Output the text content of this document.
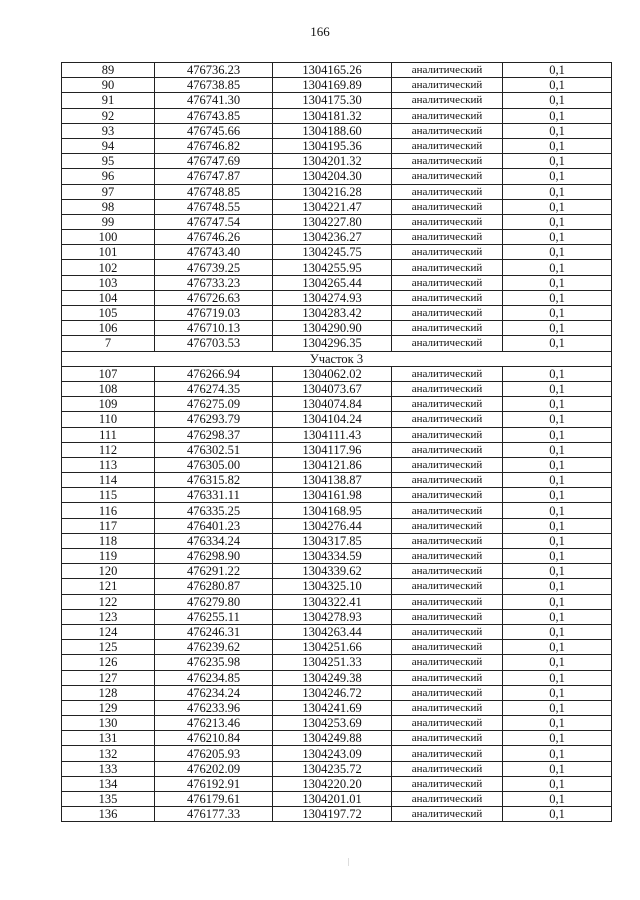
166
89	476736.23	1304165.26	аналитический	0,1
90	476738.85	1304169.89	аналитический	0,1
91	476741.30	1304175.30	аналитический	0,1
92	476743.85	1304181.32	аналитический	0,1
93	476745.66	1304188.60	аналитический	0,1
94	476746.82	1304195.36	аналитический	0,1
95	476747.69	1304201.32	аналитический	0,1
96	476747.87	1304204.30	аналитический	0,1
97	476748.85	1304216.28	аналитический	0,1
98	476748.55	1304221.47	аналитический	0,1
99	476747.54	1304227.80	аналитический	0,1
100	476746.26	1304236.27	аналитический	0,1
101	476743.40	1304245.75	аналитический	0,1
102	476739.25	1304255.95	аналитический	0,1
103	476733.23	1304265.44	аналитический	0,1
104	476726.63	1304274.93	аналитический	0,1
105	476719.03	1304283.42	аналитический	0,1
106	476710.13	1304290.90	аналитический	0,1
7	476703.53	1304296.35	аналитический	0,1
Участок 3				
107	476266.94	1304062.02	аналитический	0,1
108	476274.35	1304073.67	аналитический	0,1
109	476275.09	1304074.84	аналитический	0,1
110	476293.79	1304104.24	аналитический	0,1
111	476298.37	1304111.43	аналитический	0,1
112	476302.51	1304117.96	аналитический	0,1
113	476305.00	1304121.86	аналитический	0,1
114	476315.82	1304138.87	аналитический	0,1
115	476331.11	1304161.98	аналитический	0,1
116	476335.25	1304168.95	аналитический	0,1
117	476401.23	1304276.44	аналитический	0,1
118	476334.24	1304317.85	аналитический	0,1
119	476298.90	1304334.59	аналитический	0,1
120	476291.22	1304339.62	аналитический	0,1
121	476280.87	1304325.10	аналитический	0,1
122	476279.80	1304322.41	аналитический	0,1
123	476255.11	1304278.93	аналитический	0,1
124	476246.31	1304263.44	аналитический	0,1
125	476239.62	1304251.66	аналитический	0,1
126	476235.98	1304251.33	аналитический	0,1
127	476234.85	1304249.38	аналитический	0,1
128	476234.24	1304246.72	аналитический	0,1
129	476233.96	1304241.69	аналитический	0,1
130	476213.46	1304253.69	аналитический	0,1
131	476210.84	1304249.88	аналитический	0,1
132	476205.93	1304243.09	аналитический	0,1
133	476202.09	1304235.72	аналитический	0,1
134	476192.91	1304220.20	аналитический	0,1
135	476179.61	1304201.01	аналитический	0,1
136	476177.33	1304197.72	аналитический	0,1
